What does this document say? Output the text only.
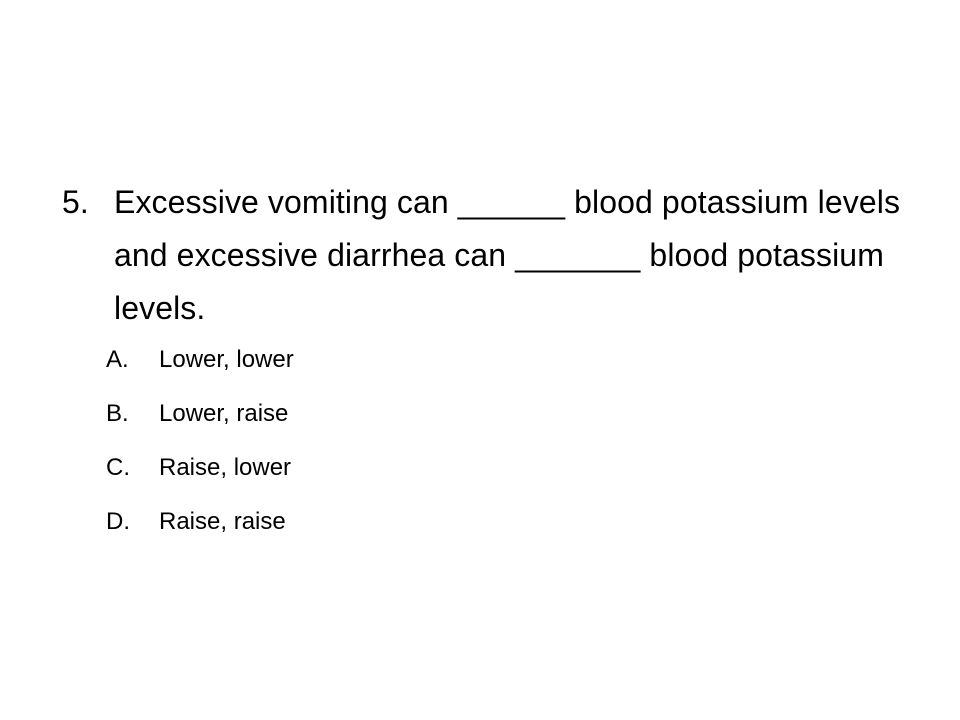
5. Excessive vomiting can ______ blood potassium levels and excessive diarrhea can _______ blood potassium levels.
A.	Lower, lower
B.	Lower, raise
C.	Raise, lower
D.	Raise, raise
